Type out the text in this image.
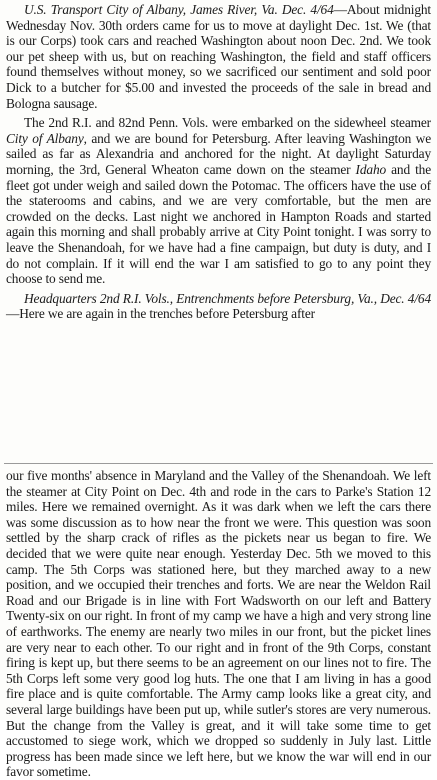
U.S. Transport City of Albany, James River, Va. Dec. 4/64—About midnight Wednesday Nov. 30th orders came for us to move at daylight Dec. 1st. We (that is our Corps) took cars and reached Washington about noon Dec. 2nd. We took our pet sheep with us, but on reaching Washington, the field and staff officers found themselves without money, so we sacrificed our sentiment and sold poor Dick to a butcher for $5.00 and invested the proceeds of the sale in bread and Bologna sausage.

The 2nd R.I. and 82nd Penn. Vols. were embarked on the sidewheel steamer City of Albany, and we are bound for Petersburg. After leaving Washington we sailed as far as Alexandria and anchored for the night. At daylight Saturday morning, the 3rd, General Wheaton came down on the steamer Idaho and the fleet got under weigh and sailed down the Potomac. The officers have the use of the staterooms and cabins, and we are very comfortable, but the men are crowded on the decks. Last night we anchored in Hampton Roads and started again this morning and shall probably arrive at City Point tonight. I was sorry to leave the Shenandoah, for we have had a fine campaign, but duty is duty, and I do not complain. If it will end the war I am satisfied to go to any point they choose to send me.

Headquarters 2nd R.I. Vols., Entrenchments before Petersburg, Va., Dec. 4/64—Here we are again in the trenches before Petersburg after

our five months' absence in Maryland and the Valley of the Shenandoah. We left the steamer at City Point on Dec. 4th and rode in the cars to Parke's Station 12 miles. Here we remained overnight. As it was dark when we left the cars there was some discussion as to how near the front we were. This question was soon settled by the sharp crack of rifles as the pickets near us began to fire. We decided that we were quite near enough. Yesterday Dec. 5th we moved to this camp. The 5th Corps was stationed here, but they marched away to a new position, and we occupied their trenches and forts. We are near the Weldon Rail Road and our Brigade is in line with Fort Wadsworth on our left and Battery Twenty-six on our right. In front of my camp we have a high and very strong line of earthworks. The enemy are nearly two miles in our front, but the picket lines are very near to each other. To our right and in front of the 9th Corps, constant firing is kept up, but there seems to be an agreement on our lines not to fire. The 5th Corps left some very good log huts. The one that I am living in has a good fire place and is quite comfortable. The Army camp looks like a great city, and several large buildings have been put up, while sutler's stores are very numerous. But the change from the Valley is great, and it will take some time to get accustomed to siege work, which we dropped so suddenly in July last. Little progress has been made since we left here, but we know the war will end in our favor sometime.
